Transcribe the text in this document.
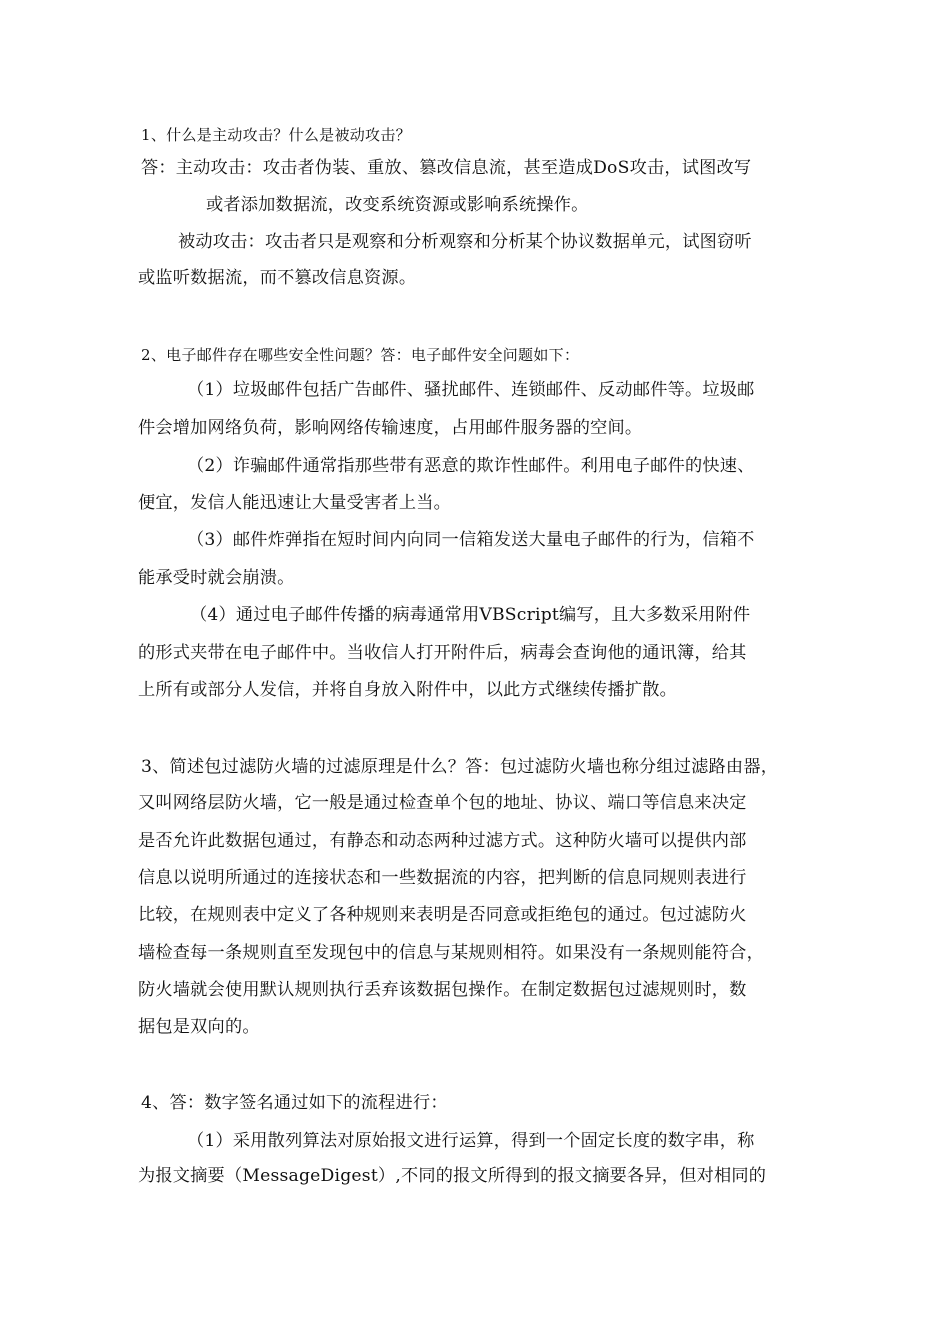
1、什么是主动攻击？什么是被动攻击？
答：主动攻击：攻击者伪装、重放、篡改信息流，甚至造成DoS攻击，试图改写
或者添加数据流，改变系统资源或影响系统操作。
被动攻击：攻击者只是观察和分析观察和分析某个协议数据单元，试图窃听
或监听数据流，而不篡改信息资源。
2、电子邮件存在哪些安全性问题？答：电子邮件安全问题如下：
（1）垃圾邮件包括广告邮件、骚扰邮件、连锁邮件、反动邮件等。垃圾邮
件会增加网络负荷，影响网络传输速度，占用邮件服务器的空间。
（2）诈骗邮件通常指那些带有恶意的欺诈性邮件。利用电子邮件的快速、
便宜，发信人能迅速让大量受害者上当。
（3）邮件炸弹指在短时间内向同一信箱发送大量电子邮件的行为，信箱不
能承受时就会崩溃。
（4）通过电子邮件传播的病毒通常用VBScript编写，且大多数采用附件
的形式夹带在电子邮件中。当收信人打开附件后，病毒会查询他的通讯簿，给其
上所有或部分人发信，并将自身放入附件中，以此方式继续传播扩散。
3、简述包过滤防火墙的过滤原理是什么？答：包过滤防火墙也称分组过滤路由器，
又叫网络层防火墙，它一般是通过检查单个包的地址、协议、端口等信息来决定
是否允许此数据包通过，有静态和动态两种过滤方式。这种防火墙可以提供内部
信息以说明所通过的连接状态和一些数据流的内容，把判断的信息同规则表进行
比较，在规则表中定义了各种规则来表明是否同意或拒绝包的通过。包过滤防火
墙检查每一条规则直至发现包中的信息与某规则相符。如果没有一条规则能符合，
防火墙就会使用默认规则执行丢弃该数据包操作。在制定数据包过滤规则时，数
据包是双向的。
4、答：数字签名通过如下的流程进行：
（1）采用散列算法对原始报文进行运算，得到一个固定长度的数字串，称
为报文摘要（MessageDigest）,不同的报文所得到的报文摘要各异，但对相同的
